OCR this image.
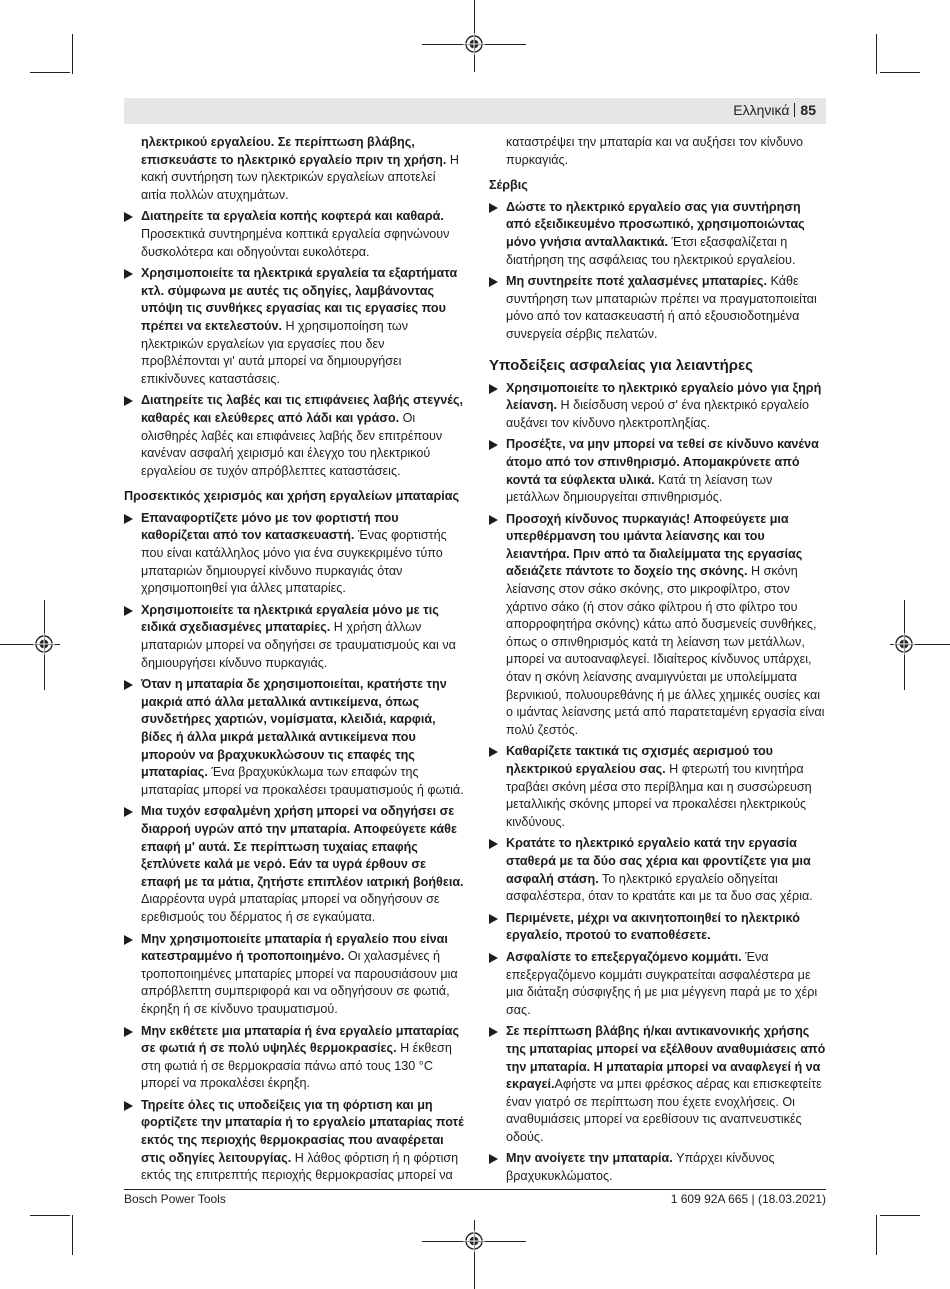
Ελληνικά 85

ηλεκτρικού εργαλείου. Σε περίπτωση βλάβης, επισκευάστε το ηλεκτρικό εργαλείο πριν τη χρήση. Η κακή συντήρηση των ηλεκτρικών εργαλείων αποτελεί αιτία πολλών ατυχημάτων.

Διατηρείτε τα εργαλεία κοπής κοφτερά και καθαρά. Προσεκτικά συντηρημένα κοπτικά εργαλεία σφηνώνουν δυσκολότερα και οδηγούνται ευκολότερα.
Χρησιμοποιείτε τα ηλεκτρικά εργαλεία τα εξαρτήματα κτλ. σύμφωνα με αυτές τις οδηγίες, λαμβάνοντας υπόψη τις συνθήκες εργασίας και τις εργασίες που πρέπει να εκτελεστούν. Η χρησιμοποίηση των ηλεκτρικών εργαλείων για εργασίες που δεν προβλέπονται γι' αυτά μπορεί να δημιουργήσει επικίνδυνες καταστάσεις.
Διατηρείτε τις λαβές και τις επιφάνειες λαβής στεγνές, καθαρές και ελεύθερες από λάδι και γράσο. Οι ολισθηρές λαβές και επιφάνειες λαβής δεν επιτρέπουν κανέναν ασφαλή χειρισμό και έλεγχο του ηλεκτρικού εργαλείου σε τυχόν απρόβλεπτες καταστάσεις.

Προσεκτικός χειρισμός και χρήση εργαλείων μπαταρίας

Επαναφορτίζετε μόνο με τον φορτιστή που καθορίζεται από τον κατασκευαστή. Ένας φορτιστής που είναι κατάλληλος μόνο για ένα συγκεκριμένο τύπο μπαταριών δημιουργεί κίνδυνο πυρκαγιάς όταν χρησιμοποιηθεί για άλλες μπαταρίες.
Χρησιμοποιείτε τα ηλεκτρικά εργαλεία μόνο με τις ειδικά σχεδιασμένες μπαταρίες. Η χρήση άλλων μπαταριών μπορεί να οδηγήσει σε τραυματισμούς και να δημιουργήσει κίνδυνο πυρκαγιάς.
Όταν η μπαταρία δε χρησιμοποιείται, κρατήστε την μακριά από άλλα μεταλλικά αντικείμενα, όπως συνδετήρες χαρτιών, νομίσματα, κλειδιά, καρφιά, βίδες ή άλλα μικρά μεταλλικά αντικείμενα που μπορούν να βραχυκυκλώσουν τις επαφές της μπαταρίας. Ένα βραχυκύκλωμα των επαφών της μπαταρίας μπορεί να προκαλέσει τραυματισμούς ή φωτιά.
Μια τυχόν εσφαλμένη χρήση μπορεί να οδηγήσει σε διαρροή υγρών από την μπαταρία. Αποφεύγετε κάθε επαφή μ' αυτά. Σε περίπτωση τυχαίας επαφής ξεπλύνετε καλά με νερό. Εάν τα υγρά έρθουν σε επαφή με τα μάτια, ζητήστε επιπλέον ιατρική βοήθεια. Διαρρέοντα υγρά μπαταρίας μπορεί να οδηγήσουν σε ερεθισμούς του δέρματος ή σε εγκαύματα.
Μην χρησιμοποιείτε μπαταρία ή εργαλείο που είναι κατεστραμμένο ή τροποποιημένο. Οι χαλασμένες ή τροποποιημένες μπαταρίες μπορεί να παρουσιάσουν μια απρόβλεπτη συμπεριφορά και να οδηγήσουν σε φωτιά, έκρηξη ή σε κίνδυνο τραυματισμού.
Μην εκθέτετε μια μπαταρία ή ένα εργαλείο μπαταρίας σε φωτιά ή σε πολύ υψηλές θερμοκρασίες. Η έκθεση στη φωτιά ή σε θερμοκρασία πάνω από τους 130 °C μπορεί να προκαλέσει έκρηξη.
Τηρείτε όλες τις υποδείξεις για τη φόρτιση και μη φορτίζετε την μπαταρία ή το εργαλείο μπαταρίας ποτέ εκτός της περιοχής θερμοκρασίας που αναφέρεται στις οδηγίες λειτουργίας. Η λάθος φόρτιση ή η φόρτιση εκτός της επιτρεπτής περιοχής θερμοκρασίας μπορεί να

καταστρέψει την μπαταρία και να αυξήσει τον κίνδυνο πυρκαγιάς.

Σέρβις

Δώστε το ηλεκτρικό εργαλείο σας για συντήρηση από εξειδικευμένο προσωπικό, χρησιμοποιώντας μόνο γνήσια ανταλλακτικά. Έτσι εξασφαλίζεται η διατήρηση της ασφάλειας του ηλεκτρικού εργαλείου.
Μη συντηρείτε ποτέ χαλασμένες μπαταρίες. Κάθε συντήρηση των μπαταριών πρέπει να πραγματοποιείται μόνο από τον κατασκευαστή ή από εξουσιοδοτημένα συνεργεία σέρβις πελατών.

Υποδείξεις ασφαλείας για λειαντήρες

Χρησιμοποιείτε το ηλεκτρικό εργαλείο μόνο για ξηρή λείανση. Η διείσδυση νερού σ' ένα ηλεκτρικό εργαλείο αυξάνει τον κίνδυνο ηλεκτροπληξίας.
Προσέξτε, να μην μπορεί να τεθεί σε κίνδυνο κανένα άτομο από τον σπινθηρισμό. Απομακρύνετε από κοντά τα εύφλεκτα υλικά. Κατά τη λείανση των μετάλλων δημιουργείται σπινθηρισμός.
Προσοχή κίνδυνος πυρκαγιάς! Αποφεύγετε μια υπερθέρμανση του ιμάντα λείανσης και του λειαντήρα. Πριν από τα διαλείμματα της εργασίας αδειάζετε πάντοτε το δοχείο της σκόνης. Η σκόνη λείανσης στον σάκο σκόνης, στο μικροφίλτρο, στον χάρτινο σάκο (ή στον σάκο φίλτρου ή στο φίλτρο του απορροφητήρα σκόνης) κάτω από δυσμενείς συνθήκες, όπως ο σπινθηρισμός κατά τη λείανση των μετάλλων, μπορεί να αυτοαναφλεγεί. Ιδιαίτερος κίνδυνος υπάρχει, όταν η σκόνη λείανσης αναμιγνύεται με υπολείμματα βερνικιού, πολυουρεθάνης ή με άλλες χημικές ουσίες και ο ιμάντας λείανσης μετά από παρατεταμένη εργασία είναι πολύ ζεστός.
Καθαρίζετε τακτικά τις σχισμές αερισμού του ηλεκτρικού εργαλείου σας. Η φτερωτή του κινητήρα τραβάει σκόνη μέσα στο περίβλημα και η συσσώρευση μεταλλικής σκόνης μπορεί να προκαλέσει ηλεκτρικούς κινδύνους.
Κρατάτε το ηλεκτρικό εργαλείο κατά την εργασία σταθερά με τα δύο σας χέρια και φροντίζετε για μια ασφαλή στάση. Το ηλεκτρικό εργαλείο οδηγείται ασφαλέστερα, όταν το κρατάτε και με τα δυο σας χέρια.
Περιμένετε, μέχρι να ακινητοποιηθεί το ηλεκτρικό εργαλείο, προτού το εναποθέσετε.
Ασφαλίστε το επεξεργαζόμενο κομμάτι. Ένα επεξεργαζόμενο κομμάτι συγκρατείται ασφαλέστερα με μια διάταξη σύσφιγξης ή με μια μέγγενη παρά με το χέρι σας.
Σε περίπτωση βλάβης ή/και αντικανονικής χρήσης της μπαταρίας μπορεί να εξέλθουν αναθυμιάσεις από την μπαταρία. Η μπαταρία μπορεί να αναφλεγεί ή να εκραγεί.Αφήστε να μπει φρέσκος αέρας και επισκεφτείτε έναν γιατρό σε περίπτωση που έχετε ενοχλήσεις. Οι αναθυμιάσεις μπορεί να ερεθίσουν τις αναπνευστικές οδούς.
Μην ανοίγετε την μπαταρία. Υπάρχει κίνδυνος βραχυκυκλώματος.
Bosch Power Tools	1 609 92A 665 | (18.03.2021)
